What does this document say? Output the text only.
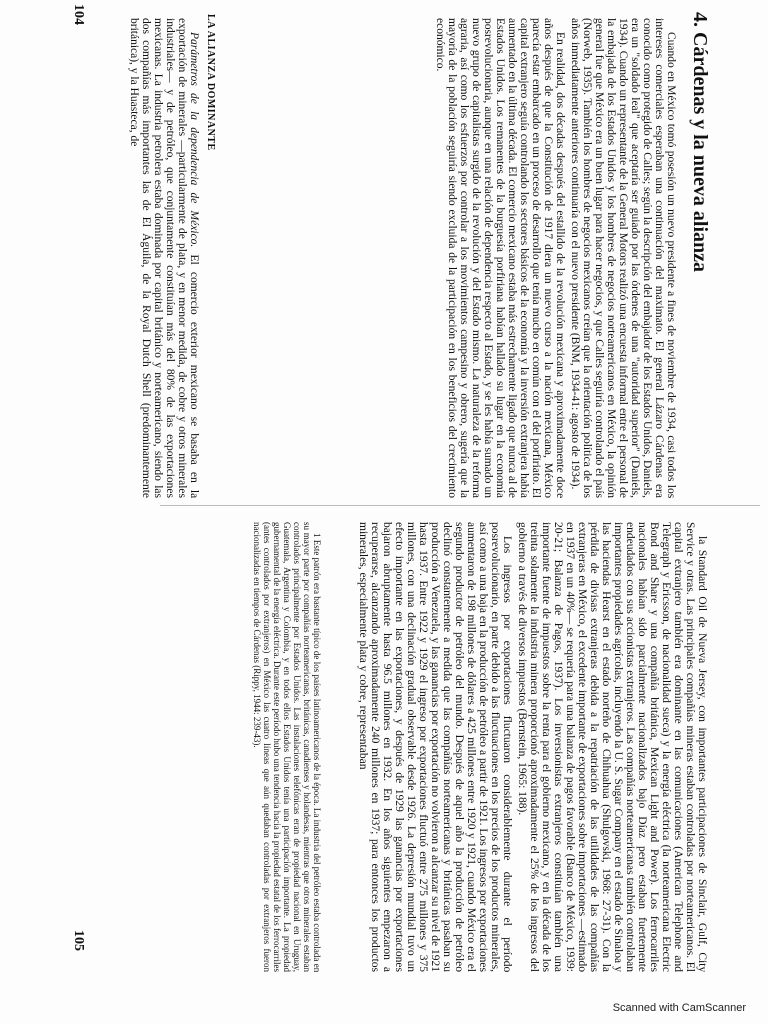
104	LA ALIANZA DOMINANTE	Cuando en México tomó posesión un nuevo presidente a fines de noviembre de 1934, casi todos los intereses comerciales esperaban una continuación del maximato. El general Lázaro Cárdenas era conocido como protegido de Calles; según la descripción del embajador de los Estados Unidos, Daniels, era un "soldado leal" que aceptaría ser guiado por las órdenes de una "autoridad superior" (Daniels, 1934). Cuando un representante de la General Motors realizó una encuesta informal entre el personal de la embajada de los Estados Unidos y los hombres de negocios norteamericanos en México, la opinión general fue que México era un buen lugar para hacer negocios, y que Calles seguiría controlando el país (Norweb, 1935). También los hombres de negocios mexicanos creían que la orientación política de los años inmediatamente anteriores continuaría con el nuevo presidente (BNM, 1934-41: agosto de 1934).

En realidad, dos décadas después del estallido de la revolución mexicana y aproximadamente doce años después de que la Constitución de 1917 diera un nuevo curso a la nación mexicana, México parecía estar embarcado en un proceso de desarrollo que tenía mucho en común con el del porfiriato. El capital extranjero seguía controlando los sectores básicos de la economía y la inversión extranjera había aumentado en la última década. El comercio mexicano estaba más estrechamente ligado que nunca al de Estados Unidos. Los remanentes de la burguesía porfiriana habían hallado su lugar en la economía posrevolucionaria, aunque en una relación de dependencia respecto al Estado, y se les había sumado un nuevo grupo de capitalistas surgido de la revolución y del Estado mismo. La naturaleza de la reforma agraria, así como los esfuerzos por controlar a los movimientos campesino y obrero, sugería que la mayoría de la población seguiría siendo excluida de la participación en los beneficios del crecimiento económico.

Parámetros de la dependencia de México. El comercio exterior mexicano se basaba en la exportación de minerales —particularmente de plata, y en menor medida, de cobre y otros minerales industriales— y de petróleo, que conjuntamente constituían más del 80% de las exportaciones mexicanas. La industria petrolera estaba dominada por capital británico y norteamericano, siendo las dos compañías más importantes las de El Águila, de la Royal Dutch Shell (predominantemente británica), y la Huasteca, de	4. Cárdenas y la nueva alianza

la Standard Oil de Nueva Jersey, con importantes participaciones de Sinclair, Gulf, City Service y otras. Las principales compañías mineras estaban controladas por norteamericanos. El capital extranjero también era dominante en las comunicaciones (American Telephone and Telegraph y Ericsson, de nacionalidad sueca) y la energía eléctrica (la norteamericana Electric Bond and Share y una compañía británica, Mexican Light and Power). Los ferrocarriles nacionales habían sido parcialmente nacionalizados bajo Díaz pero estaban fuertemente endeudados con sus accionistas extranjeros. Las compañías norteamericanas también controlaban importantes propiedades agrícolas, incluyendo la U. S. Sugar Company en el estado de Sinaloa y las haciendas Hearst en el estado norteño de Chihuahua (Shulgovski, 1968: 27-31). Con la pérdida de divisas extranjeras debida a la repatriación de las utilidades de las compañías extranjeras en México, el excedente importante de exportaciones sobre importaciones —estimado en 1937 en un 40%— se requería para una balanza de pagos favorable (Banco de México, 1939: 20-21; Balanza de Pagos, 1937). Los inversionistas extranjeros constituían también una importante fuente de impuestos sobre la renta para el gobierno mexicano, y en la década de los treinta solamente la industria minera proporcionó aproximadamente el 25% de los ingresos del gobierno a través de diversos impuestos (Bernstein, 1965: 188).

Los ingresos por exportaciones fluctuaron considerablemente durante el período posrevolucionario, en parte debido a las fluctuaciones en los precios de los productos minerales, así como a una baja en la producción de petróleo a partir de 1921. Los ingresos por exportaciones aumentaron de 198 millones de dólares a 425 millones entre 1920 y 1921, cuando México era el segundo productor de petróleo del mundo. Después de aquel año la producción de petróleo declinó constantemente a medida que las compañías norteamericanas y británicas pasaban su producción a Venezuela, y las ganancias por exportación no volvieron a alcanzar su nivel de 1921 hasta 1937. Entre 1922 y 1929 el ingreso por exportaciones fluctuó entre 275 millones y 375 millones, con una declinación gradual observable desde 1926. La depresión mundial tuvo un efecto importante en las exportaciones, y después de 1929 las ganancias por exportaciones bajaron abruptamente hasta 96.5 millones en 1932. En los años siguientes empezaron a recuperarse, alcanzando aproximadamente 240 millones en 1937; para entonces los productos minerales, especialmente plata y cobre, representaban

1 Este patrón era bastante típico de los países latinoamericanos de la época. La industria del petróleo estaba controlada en su mayor parte por compañías norteamericanas, británicas, canadienses y holandesas, mientras que otros minerales estaban controlados principalmente por Estados Unidos. Las instalaciones telefónicas eran de propiedad nacional en Uruguay, Guatemala, Argentina y Colombia, y en todos ellos Estados Unidos tenía una participación importante. La propiedad gubernamental de la energía eléctrica. Durante este período hubo una tendencia hacia la propiedad estatal de los ferrocarriles (antes controlados por extranjeros) en México las cuatro líneas que aún quedaban controladas por extranjeros fueron nacionalizadas en tiempos de Cárdenas (Rippy, 1944: 239-43).

105
Scanned with CamScanner
